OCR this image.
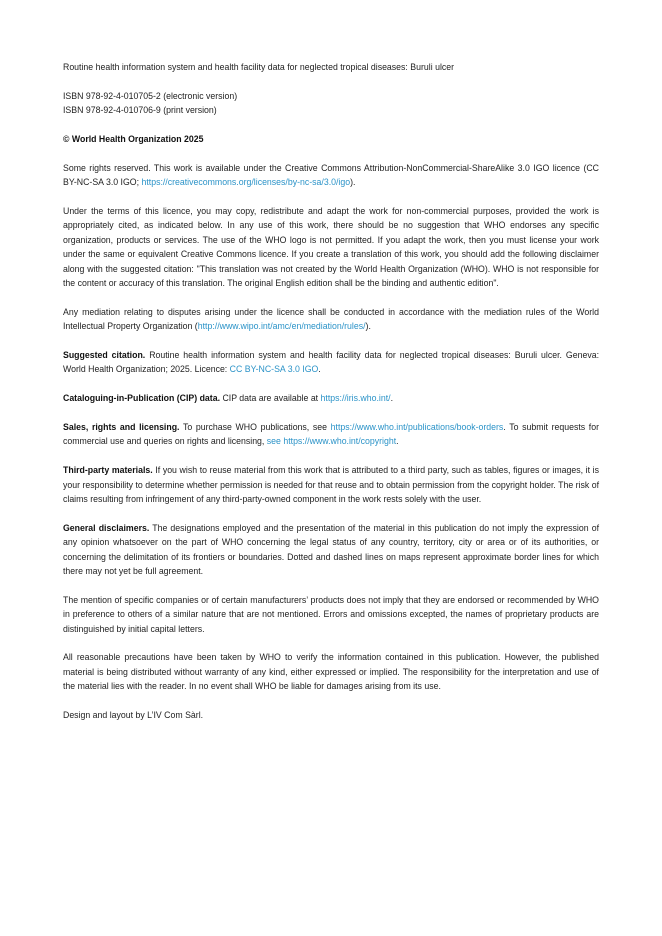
Routine health information system and health facility data for neglected tropical diseases: Buruli ulcer

ISBN 978-92-4-010705-2 (electronic version)
ISBN 978-92-4-010706-9 (print version)

© World Health Organization 2025

Some rights reserved. This work is available under the Creative Commons Attribution-NonCommercial-ShareAlike 3.0 IGO licence (CC BY-NC-SA 3.0 IGO; https://creativecommons.org/licenses/by-nc-sa/3.0/igo).

Under the terms of this licence, you may copy, redistribute and adapt the work for non-commercial purposes, provided the work is appropriately cited, as indicated below. In any use of this work, there should be no suggestion that WHO endorses any specific organization, products or services. The use of the WHO logo is not permitted. If you adapt the work, then you must license your work under the same or equivalent Creative Commons licence. If you create a translation of this work, you should add the following disclaimer along with the suggested citation: "This translation was not created by the World Health Organization (WHO). WHO is not responsible for the content or accuracy of this translation. The original English edition shall be the binding and authentic edition".

Any mediation relating to disputes arising under the licence shall be conducted in accordance with the mediation rules of the World Intellectual Property Organization (http://www.wipo.int/amc/en/mediation/rules/).

Suggested citation. Routine health information system and health facility data for neglected tropical diseases: Buruli ulcer. Geneva: World Health Organization; 2025. Licence: CC BY-NC-SA 3.0 IGO.

Cataloguing-in-Publication (CIP) data. CIP data are available at https://iris.who.int/.

Sales, rights and licensing. To purchase WHO publications, see https://www.who.int/publications/book-orders. To submit requests for commercial use and queries on rights and licensing, see https://www.who.int/copyright.

Third-party materials. If you wish to reuse material from this work that is attributed to a third party, such as tables, figures or images, it is your responsibility to determine whether permission is needed for that reuse and to obtain permission from the copyright holder. The risk of claims resulting from infringement of any third-party-owned component in the work rests solely with the user.

General disclaimers. The designations employed and the presentation of the material in this publication do not imply the expression of any opinion whatsoever on the part of WHO concerning the legal status of any country, territory, city or area or of its authorities, or concerning the delimitation of its frontiers or boundaries. Dotted and dashed lines on maps represent approximate border lines for which there may not yet be full agreement.

The mention of specific companies or of certain manufacturers’ products does not imply that they are endorsed or recommended by WHO in preference to others of a similar nature that are not mentioned. Errors and omissions excepted, the names of proprietary products are distinguished by initial capital letters.

All reasonable precautions have been taken by WHO to verify the information contained in this publication. However, the published material is being distributed without warranty of any kind, either expressed or implied. The responsibility for the interpretation and use of the material lies with the reader. In no event shall WHO be liable for damages arising from its use.

Design and layout by L’IV Com Sàrl.
